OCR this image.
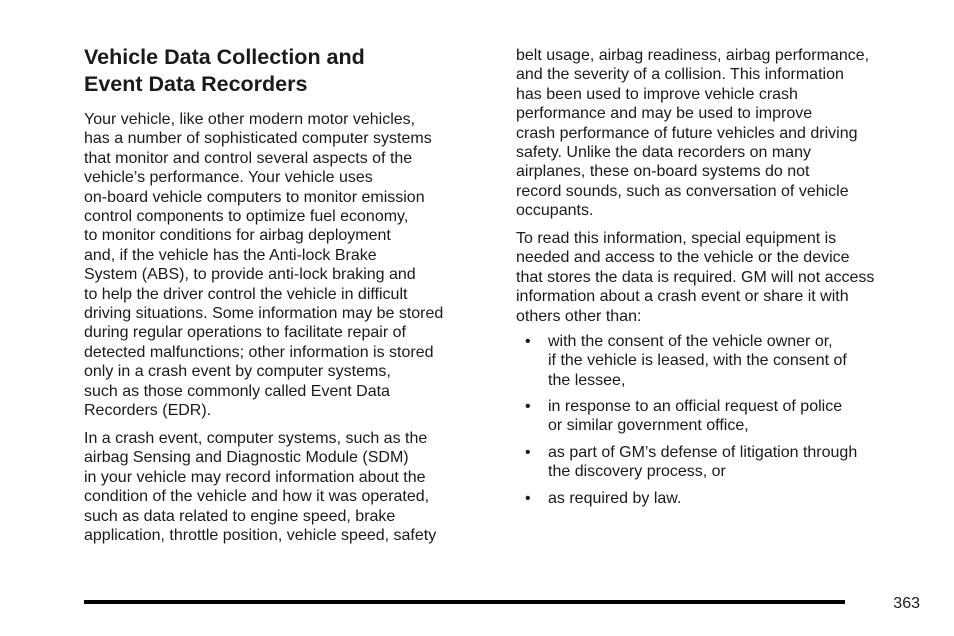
Vehicle Data Collection and
Event Data Recorders
Your vehicle, like other modern motor vehicles,
has a number of sophisticated computer systems
that monitor and control several aspects of the
vehicle’s performance. Your vehicle uses
on-board vehicle computers to monitor emission
control components to optimize fuel economy,
to monitor conditions for airbag deployment
and, if the vehicle has the Anti-lock Brake
System (ABS), to provide anti-lock braking and
to help the driver control the vehicle in difficult
driving situations. Some information may be stored
during regular operations to facilitate repair of
detected malfunctions; other information is stored
only in a crash event by computer systems,
such as those commonly called Event Data
Recorders (EDR).
In a crash event, computer systems, such as the
airbag Sensing and Diagnostic Module (SDM)
in your vehicle may record information about the
condition of the vehicle and how it was operated,
such as data related to engine speed, brake
application, throttle position, vehicle speed, safety
belt usage, airbag readiness, airbag performance,
and the severity of a collision. This information
has been used to improve vehicle crash
performance and may be used to improve
crash performance of future vehicles and driving
safety. Unlike the data recorders on many
airplanes, these on-board systems do not
record sounds, such as conversation of vehicle
occupants.
To read this information, special equipment is
needed and access to the vehicle or the device
that stores the data is required. GM will not access
information about a crash event or share it with
others other than:
• with the consent of the vehicle owner or,
if the vehicle is leased, with the consent of
the lessee,
• in response to an official request of police
or similar government office,
• as part of GM’s defense of litigation through
the discovery process, or
• as required by law.
363
